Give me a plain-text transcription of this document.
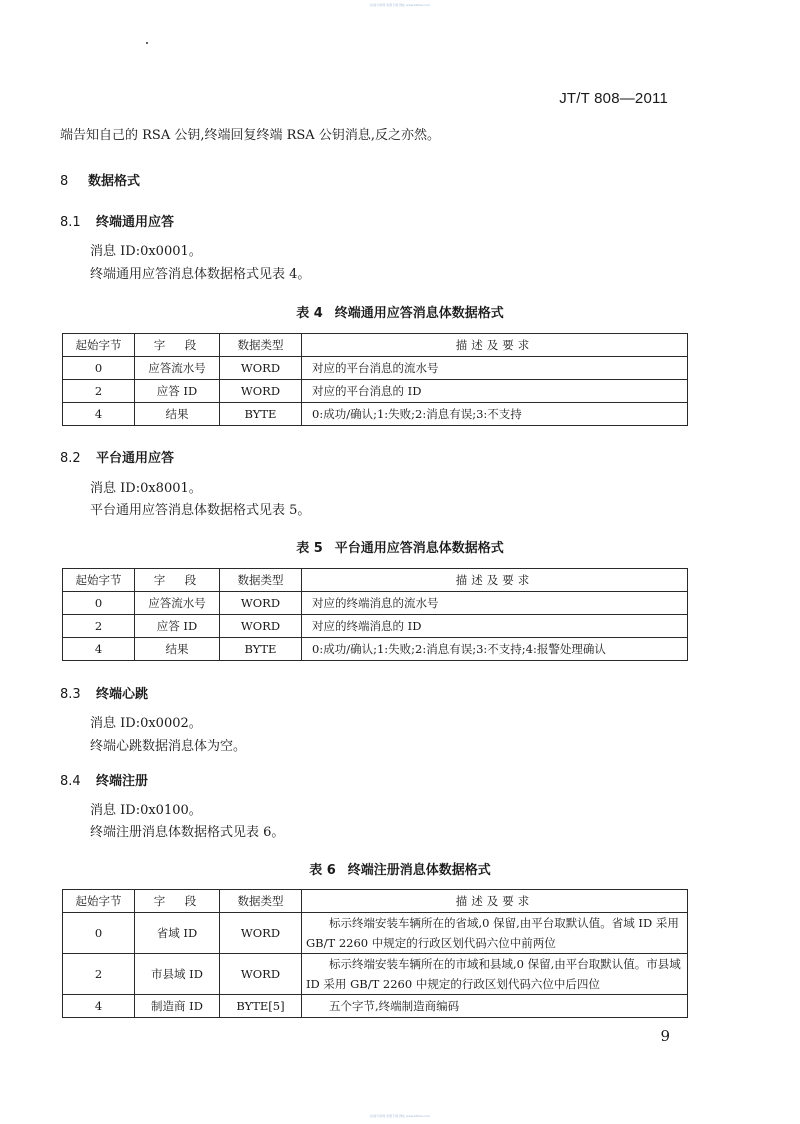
标准分享网 免费下载 网址 www.bzfxw.com
JT/T 808—2011
端告知自己的 RSA 公钥,终端回复终端 RSA 公钥消息,反之亦然。
8 数据格式
8.1 终端通用应答
消息 ID:0x0001。
终端通用应答消息体数据格式见表 4。
表 4 终端通用应答消息体数据格式
起始字节	字　段	数据类型	描述及要求
0	应答流水号	WORD	对应的平台消息的流水号
2	应答 ID	WORD	对应的平台消息的 ID
4	结果	BYTE	0:成功/确认;1:失败;2:消息有误;3:不支持
8.2 平台通用应答
消息 ID:0x8001。
平台通用应答消息体数据格式见表 5。
表 5 平台通用应答消息体数据格式
起始字节	字　段	数据类型	描述及要求
0	应答流水号	WORD	对应的终端消息的流水号
2	应答 ID	WORD	对应的终端消息的 ID
4	结果	BYTE	0:成功/确认;1:失败;2:消息有误;3:不支持;4:报警处理确认
8.3 终端心跳
消息 ID:0x0002。
终端心跳数据消息体为空。
8.4 终端注册
消息 ID:0x0100。
终端注册消息体数据格式见表 6。
表 6 终端注册消息体数据格式
起始字节	字　段	数据类型	描述及要求
0	省域 ID	WORD	标示终端安装车辆所在的省域,0 保留,由平台取默认值。省域 ID 采用 GB/T 2260 中规定的行政区划代码六位中前两位
2	市县域 ID	WORD	标示终端安装车辆所在的市域和县域,0 保留,由平台取默认值。市县域 ID 采用 GB/T 2260 中规定的行政区划代码六位中后四位
4	制造商 ID	BYTE[5]	五个字节,终端制造商编码
9
标准分享网 免费下载 网址 www.bzfxw.com
